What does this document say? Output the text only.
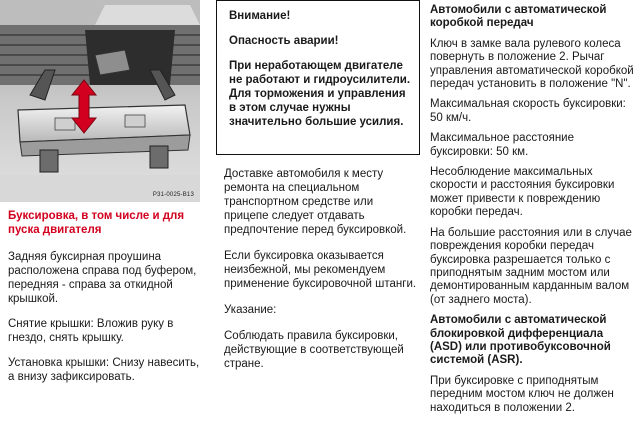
P31-0025-B13
Буксировка, в том числе и для пуска двигателя

Задняя буксирная проушина расположена справа под буфером, передняя - справа за откидной крышкой.

Снятие крышки: Вложив руку в гнездо, снять крышку.

Установка крышки: Снизу навесить, а внизу зафиксировать.

Внимание!

Опасность аварии!

При неработающем двигателе не работают и гидроусилители. Для торможения и управления в этом случае нужны значительно большие усилия.

Доставке автомобиля к месту ремонта на специальном транспортном средстве или прицепе следует отдавать предпочтение перед буксировкой.

Если буксировка оказывается неизбежной, мы рекомендуем применение буксировочной штанги.

Указание:

Соблюдать правила буксировки, действующие в соответствующей стране.

Автомобили с автоматической коробкой передач

Ключ в замке вала рулевого колеса повернуть в положение 2. Рычаг управления автоматической коробкой передач установить в положение "N".

Максимальная скорость буксировки: 50 км/ч.

Максимальное расстояние буксировки: 50 км.

Несоблюдение максимальных скорости и расстояния буксировки может привести к повреждению коробки передач.

На большие расстояния или в случае повреждения коробки передач буксировка разрешается только с приподнятым задним мостом или демонтированным карданным валом (от заднего моста).

Автомобили с автоматической блокировкой дифференциала (ASD) или противобуксовочной системой (ASR).

При буксировке с приподнятым передним мостом ключ не должен находиться в положении 2.
